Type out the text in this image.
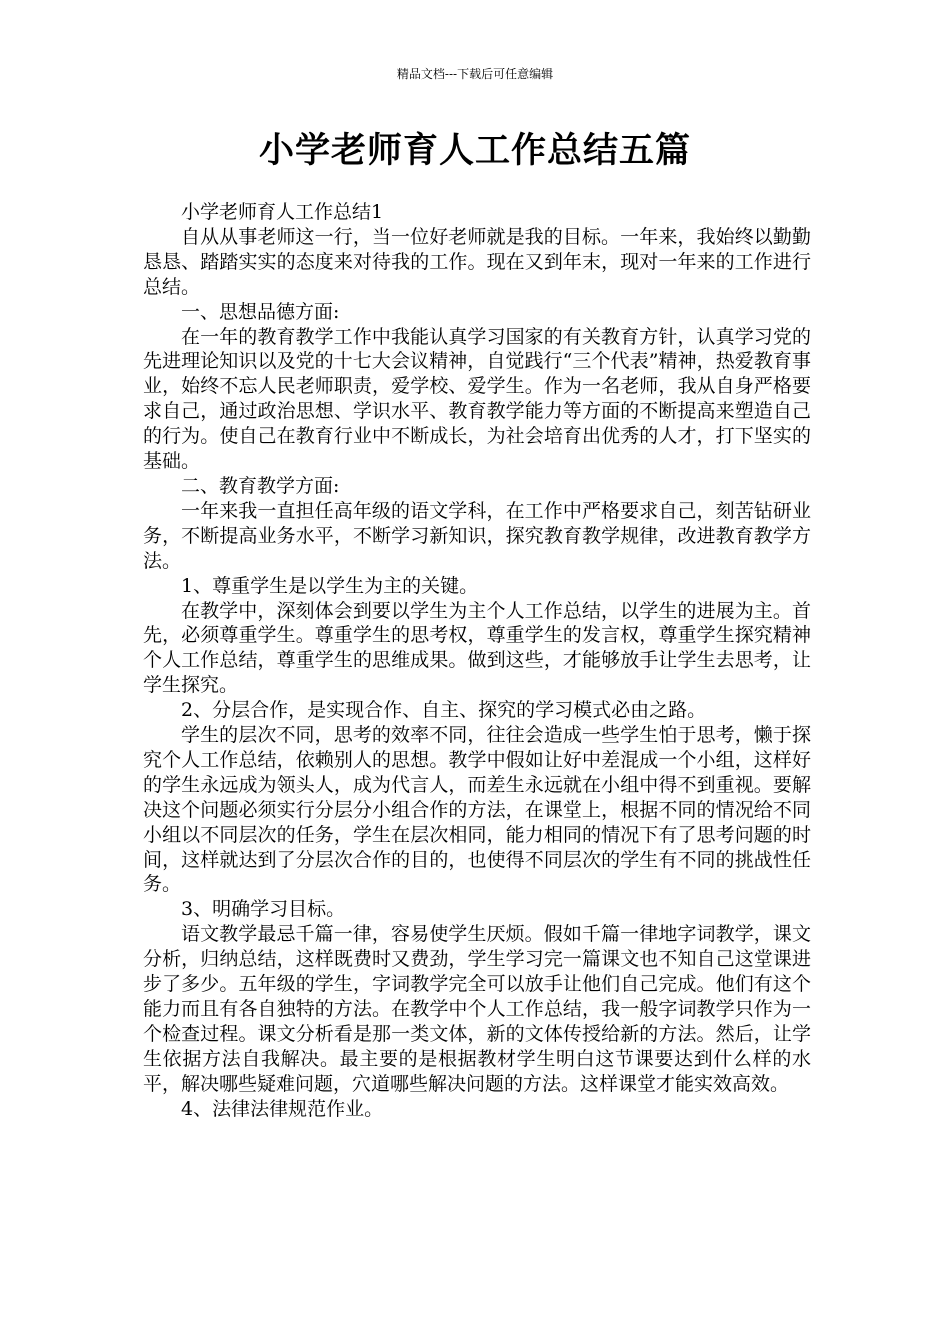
精品文档---下载后可任意编辑
小学老师育人工作总结五篇

小学老师育人工作总结1

自从从事老师这一行，当一位好老师就是我的目标。一年来，我始终以勤勤恳恳、踏踏实实的态度来对待我的工作。现在又到年末，现对一年来的工作进行总结。

一、思想品德方面:

在一年的教育教学工作中我能认真学习国家的有关教育方针，认真学习党的先进理论知识以及党的十七大会议精神，自觉践行“三个代表”精神，热爱教育事业，始终不忘人民老师职责，爱学校、爱学生。作为一名老师，我从自身严格要求自己，通过政治思想、学识水平、教育教学能力等方面的不断提高来塑造自己的行为。使自己在教育行业中不断成长，为社会培育出优秀的人才，打下坚实的基础。

二、教育教学方面:

一年来我一直担任高年级的语文学科，在工作中严格要求自己，刻苦钻研业务，不断提高业务水平，不断学习新知识，探究教育教学规律，改进教育教学方法。

1、尊重学生是以学生为主的关键。

在教学中，深刻体会到要以学生为主个人工作总结，以学生的进展为主。首先，必须尊重学生。尊重学生的思考权，尊重学生的发言权，尊重学生探究精神个人工作总结，尊重学生的思维成果。做到这些，才能够放手让学生去思考，让学生探究。

2、分层合作，是实现合作、自主、探究的学习模式必由之路。

学生的层次不同，思考的效率不同，往往会造成一些学生怕于思考，懒于探究个人工作总结，依赖别人的思想。教学中假如让好中差混成一个小组，这样好的学生永远成为领头人，成为代言人，而差生永远就在小组中得不到重视。要解决这个问题必须实行分层分小组合作的方法，在课堂上，根据不同的情况给不同小组以不同层次的任务，学生在层次相同，能力相同的情况下有了思考问题的时间，这样就达到了分层次合作的目的，也使得不同层次的学生有不同的挑战性任务。

3、明确学习目标。

语文教学最忌千篇一律，容易使学生厌烦。假如千篇一律地字词教学，课文分析，归纳总结，这样既费时又费劲，学生学习完一篇课文也不知自己这堂课进步了多少。五年级的学生，字词教学完全可以放手让他们自己完成。他们有这个能力而且有各自独特的方法。在教学中个人工作总结，我一般字词教学只作为一个检查过程。课文分析看是那一类文体，新的文体传授给新的方法。然后，让学生依据方法自我解决。最主要的是根据教材学生明白这节课要达到什么样的水平，解决哪些疑难问题，穴道哪些解决问题的方法。这样课堂才能实效高效。

4、法律法律规范作业。
